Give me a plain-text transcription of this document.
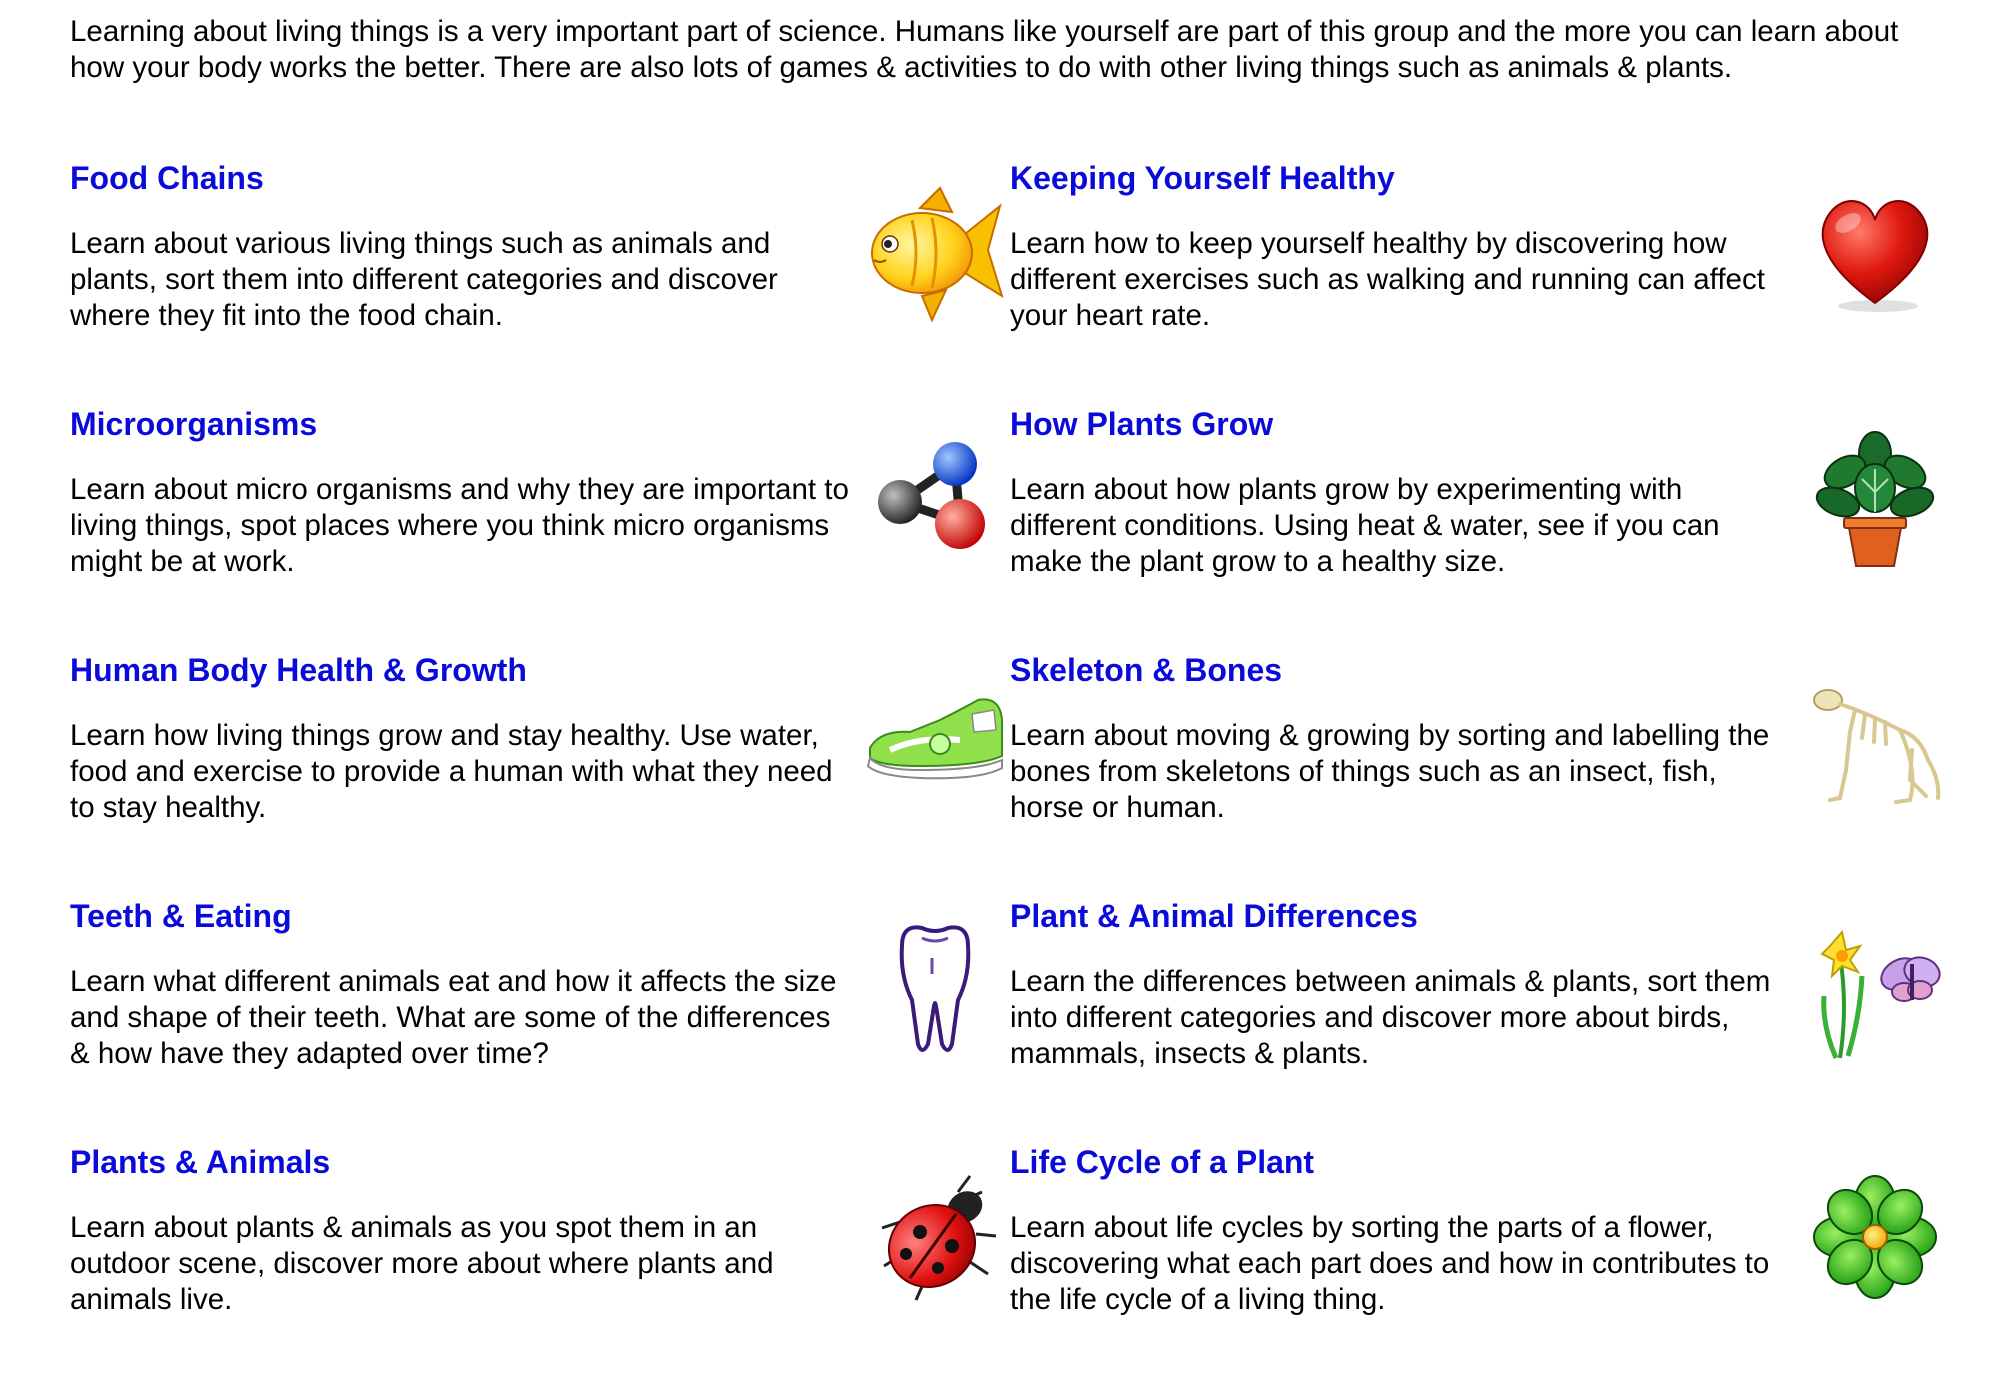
Learning about living things is a very important part of science. Humans like yourself are part of this group and the more you can learn about how your body works the better. There are also lots of games & activities to do with other living things such as animals & plants.

Food Chains

Learn about various living things such as animals and plants, sort them into different categories and discover where they fit into the food chain.

Keeping Yourself Healthy

Learn how to keep yourself healthy by discovering how different exercises such as walking and running can affect your heart rate.

Microorganisms

Learn about micro organisms and why they are important to living things, spot places where you think micro organisms might be at work.

How Plants Grow

Learn about how plants grow by experimenting with different conditions. Using heat & water, see if you can make the plant grow to a healthy size.

Human Body Health & Growth

Learn how living things grow and stay healthy. Use water, food and exercise to provide a human with what they need to stay healthy.

Skeleton & Bones

Learn about moving & growing by sorting and labelling the bones from skeletons of things such as an insect, fish, horse or human.

Teeth & Eating

Learn what different animals eat and how it affects the size and shape of their teeth. What are some of the differences & how have they adapted over time?

Plant & Animal Differences

Learn the differences between animals & plants, sort them into different categories and discover more about birds, mammals, insects & plants.

Plants & Animals

Learn about plants & animals as you spot them in an outdoor scene, discover more about where plants and animals live.

Life Cycle of a Plant

Learn about life cycles by sorting the parts of a flower, discovering what each part does and how in contributes to the life cycle of a living thing.
